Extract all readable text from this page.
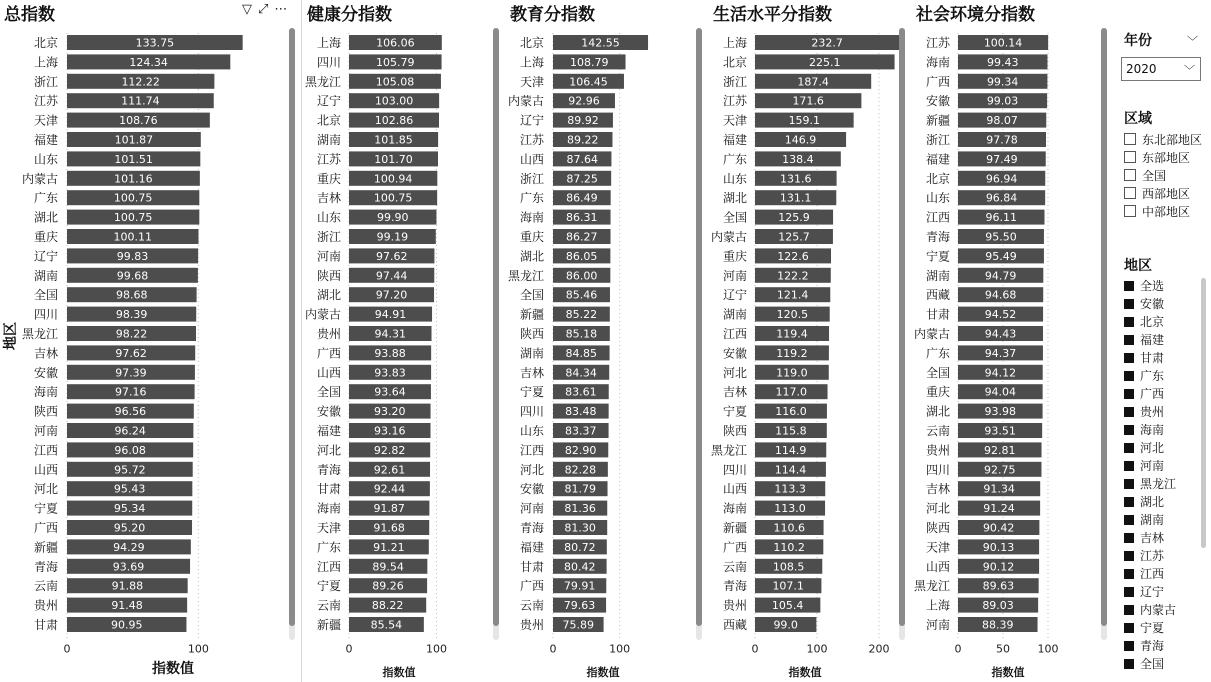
总指数	▽ ⤢ ⋯
北京	133.75
上海	124.34
浙江	112.22
江苏	111.74
天津	108.76
福建	101.87
山东	101.51
内蒙古	101.16
广东	100.75
湖北	100.75
重庆	100.11
辽宁	99.83
湖南	99.68
全国	98.68
四川	98.39
黑龙江	98.22
吉林	97.62
安徽	97.39
海南	97.16
陕西	96.56
河南	96.24
江西	96.08
山西	95.72
河北	95.43
宁夏	95.34
广西	95.20
新疆	94.29
青海	93.69
云南	91.88
贵州	91.48
甘肃	90.95
0	100
指数值
地区
健康分指数
上海	106.06
四川	105.79
黑龙江	105.08
辽宁	103.00
北京	102.86
湖南	101.85
江苏	101.70
重庆	100.94
吉林	100.75
山东	99.90
浙江	99.19
河南	97.62
陕西	97.44
湖北	97.20
内蒙古	94.91
贵州	94.31
广西	93.88
山西	93.83
全国	93.64
安徽	93.20
福建	93.16
河北	92.82
青海	92.61
甘肃	92.44
海南	91.87
天津	91.68
广东	91.21
江西	89.54
宁夏	89.26
云南	88.22
新疆	85.54
0	100
指数值
教育分指数
北京	142.55
上海 108.79
天津 106.45
内蒙古 92.96
辽宁 89.92
江苏 89.22
山西 87.64
浙江 87.25
广东 86.49
海南 86.31
重庆 86.27
湖北 86.05
黑龙江 86.00
全国 85.46
新疆 85.22
陕西 85.18
湖南 84.85
吉林 84.34
宁夏 83.61
四川 83.48
山东 83.37
江西 82.90
河北 82.28
安徽 81.79
河南 81.36
青海 81.30
福建 80.72
甘肃 80.42
广西 79.91
云南 79.63
贵州 75.89
0	100
指数值
生活水平分指数
上海	232.7
北京	225.1
浙江	187.4
江苏	171.6
天津	159.1
福建	146.9
广东	138.4
山东	131.6
湖北	131.1
全国	125.9
内蒙古	125.7
重庆	122.6
河南	122.2
辽宁	121.4
湖南	120.5
江西	119.4
安徽	119.2
河北	119.0
吉林	117.0
宁夏	116.0
陕西	115.8
黑龙江	114.9
四川	114.4
山西 113.3
海南 113.0
新疆 110.6
广西 110.2
云南 108.5
青海 107.1
贵州 105.4
西藏 99.0
0	100	200
指数值
社会环境分指数
江苏	100.14
海南	99.43
广西	99.34
安徽	99.03
新疆	98.07
浙江	97.78
福建	97.49
北京	96.94
山东	96.84
江西	96.11
青海	95.50
宁夏	95.49
湖南	94.79
西藏	94.68
甘肃	94.52
内蒙古	94.43
广东	94.37
全国	94.12
重庆	94.04
湖北	93.98
云南	93.51
贵州	92.81
四川	92.75
吉林	91.34
河北	91.24
陕西	90.42
天津	90.13
山西	90.12
黑龙江	89.63
上海	89.03
河南	88.39
0	50	100
指数值
年份	﹀
2020	﹀
区域
东北部地区
东部地区
全国
西部地区
中部地区
地区
全选
安徽
北京
福建
甘肃
广东
广西
贵州
海南
河北
河南
黑龙江
湖北
湖南
吉林
江苏
江西
辽宁
内蒙古
宁夏
青海
全国
